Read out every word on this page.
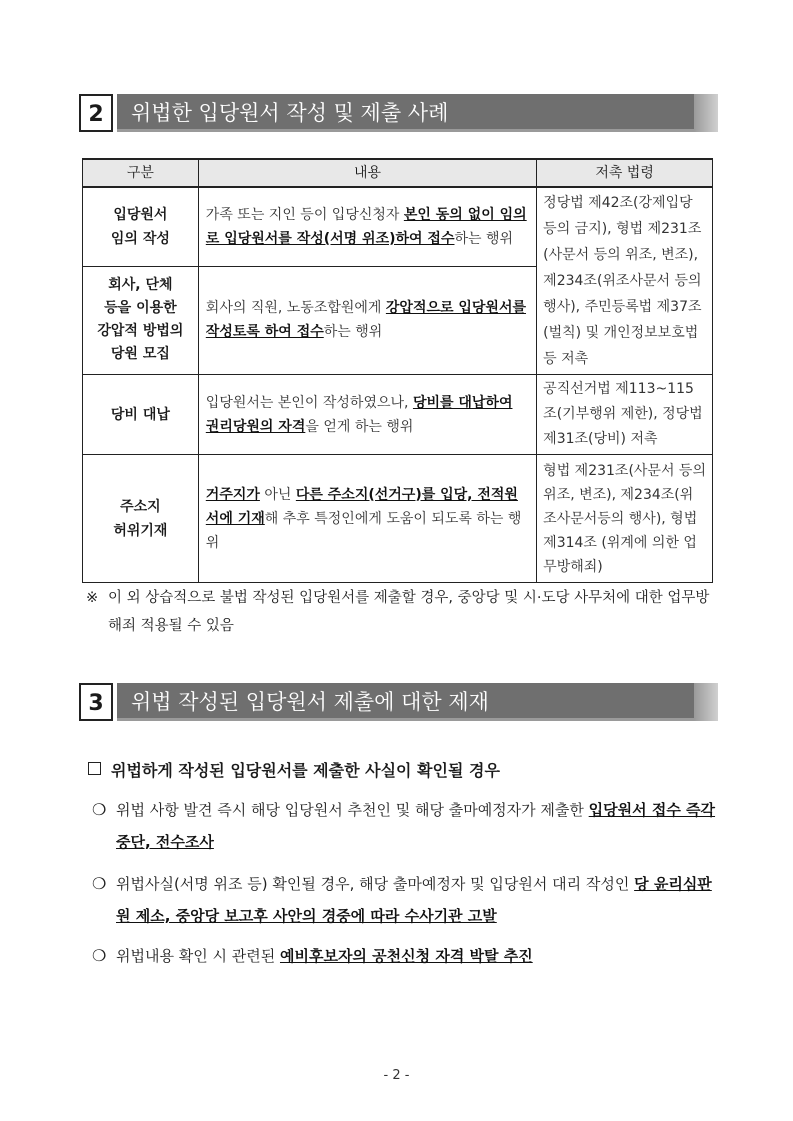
2	위법한 입당원서 작성 및 제출 사례
구분	내용	저촉 법령
입당원서
임의 작성	가족 또는 지인 등이 입당신청자 본인 동의 없이 임의로 입당원서를 작성(서명 위조)하여 접수하는 행위	정당법 제42조(강제입당 등의 금지), 형법 제231조(사문서 등의 위조, 변조), 제234조(위조사문서 등의 행사), 주민등록법 제37조(벌칙) 및 개인정보보호법 등 저촉
회사, 단체
등을 이용한
강압적 방법의
당원 모집	회사의 직원, 노동조합원에게 강압적으로 입당원서를 작성토록 하여 접수하는 행위	
당비 대납	입당원서는 본인이 작성하였으나, 당비를 대납하여 권리당원의 자격을 얻게 하는 행위	공직선거법 제113~115조(기부행위 제한), 정당법 제31조(당비) 저촉
주소지
허위기재	거주지가 아닌 다른 주소지(선거구)를 입당, 전적원서에 기재해 추후 특정인에게 도움이 되도록 하는 행위	형법 제231조(사문서 등의 위조, 변조), 제234조(위조사문서등의 행사), 형법 제314조 (위계에 의한 업무방해죄)
※ 이 외 상습적으로 불법 작성된 입당원서를 제출할 경우, 중앙당 및 시·도당 사무처에 대한 업무방해죄 적용될 수 있음
3	위법 작성된 입당원서 제출에 대한 제재
위법하게 작성된 입당원서를 제출한 사실이 확인될 경우
❍ 위법 사항 발견 즉시 해당 입당원서 추천인 및 해당 출마예정자가 제출한 입당원서 접수 즉각 중단, 전수조사
❍ 위법사실(서명 위조 등) 확인될 경우, 해당 출마예정자 및 입당원서 대리 작성인 당 윤리심판원 제소, 중앙당 보고후 사안의 경중에 따라 수사기관 고발
❍ 위법내용 확인 시 관련된 예비후보자의 공천신청 자격 박탈 추진
- 2 -
